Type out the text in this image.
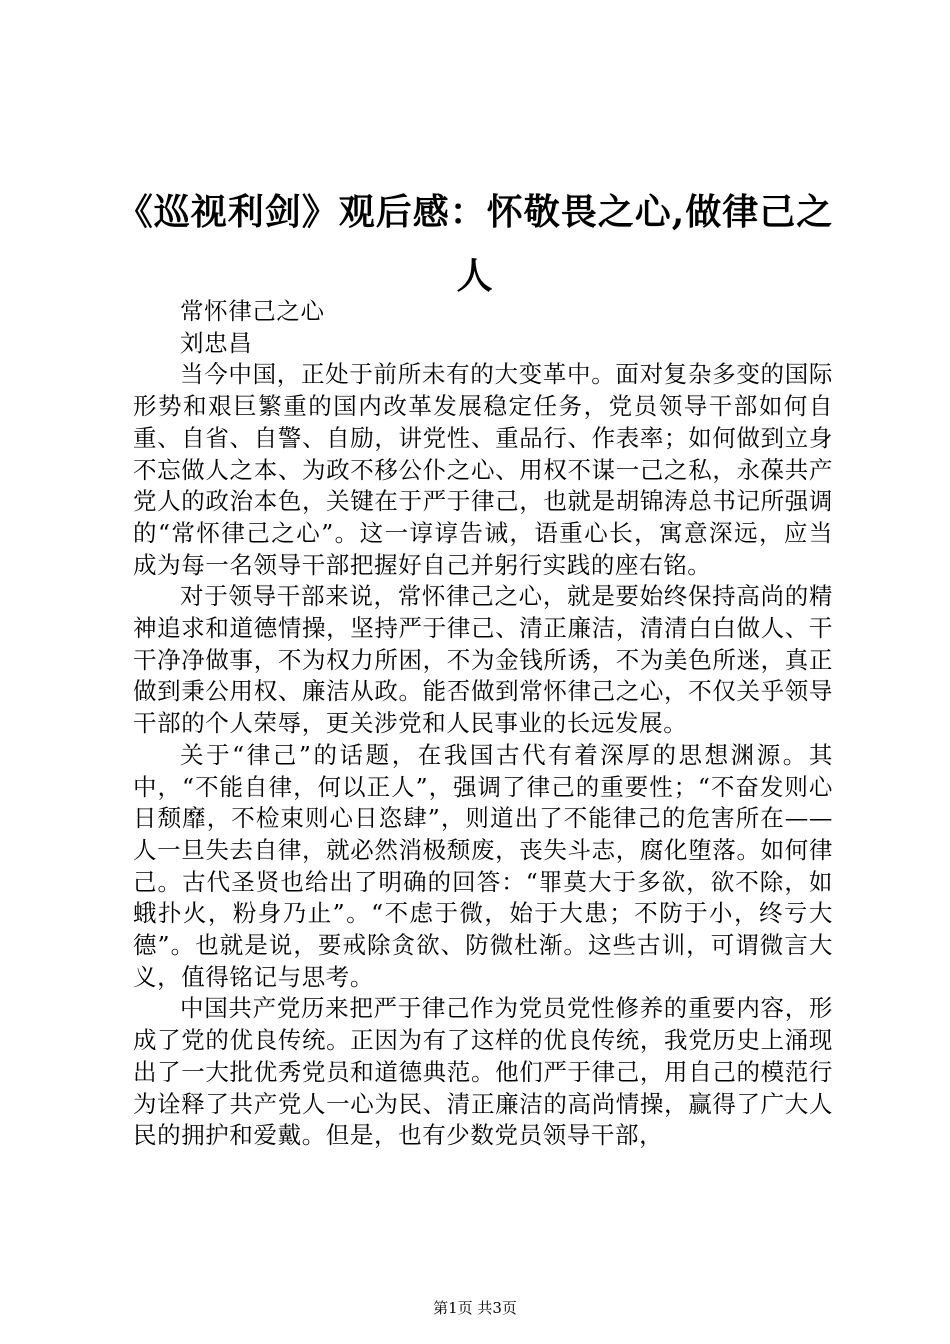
《巡视利剑》观后感：怀敬畏之心,做律己之人

常怀律己之心

刘忠昌

当今中国，正处于前所未有的大变革中。面对复杂多变的国际形势和艰巨繁重的国内改革发展稳定任务，党员领导干部如何自重、自省、自警、自励，讲党性、重品行、作表率；如何做到立身不忘做人之本、为政不移公仆之心、用权不谋一己之私，永葆共产党人的政治本色，关键在于严于律己，也就是胡锦涛总书记所强调的“常怀律己之心”。这一谆谆告诫，语重心长，寓意深远，应当成为每一名领导干部把握好自己并躬行实践的座右铭。

对于领导干部来说，常怀律己之心，就是要始终保持高尚的精神追求和道德情操，坚持严于律己、清正廉洁，清清白白做人、干干净净做事，不为权力所困，不为金钱所诱，不为美色所迷，真正做到秉公用权、廉洁从政。能否做到常怀律己之心，不仅关乎领导干部的个人荣辱，更关涉党和人民事业的长远发展。

关于“律己”的话题，在我国古代有着深厚的思想渊源。其中，“不能自律，何以正人”，强调了律己的重要性；“不奋发则心日颓靡，不检束则心日恣肆”，则道出了不能律己的危害所在——人一旦失去自律，就必然消极颓废，丧失斗志，腐化堕落。如何律己。古代圣贤也给出了明确的回答：“罪莫大于多欲，欲不除，如蛾扑火，粉身乃止”。“不虑于微，始于大患；不防于小，终亏大德”。也就是说，要戒除贪欲、防微杜渐。这些古训，可谓微言大义，值得铭记与思考。

中国共产党历来把严于律己作为党员党性修养的重要内容，形成了党的优良传统。正因为有了这样的优良传统，我党历史上涌现出了一大批优秀党员和道德典范。他们严于律己，用自己的模范行为诠释了共产党人一心为民、清正廉洁的高尚情操，赢得了广大人民的拥护和爱戴。但是，也有少数党员领导干部，

第1页 共3页
